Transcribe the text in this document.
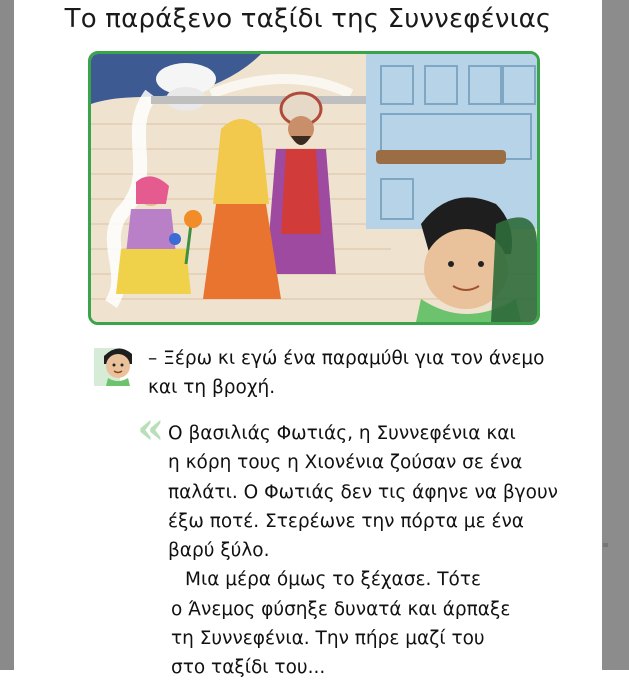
Το παράξενο ταξίδι της Συννεφένιας
– Ξέρω κι εγώ ένα παραμύθι για τον άνεμο
και τη βροχή.
« Ο βασιλιάς Φωτιάς, η Συννεφένια και
η κόρη τους η Χιονένια ζούσαν σε ένα
παλάτι. Ο Φωτιάς δεν τις άφηνε να βγουν
έξω ποτέ. Στερέωνε την πόρτα με ένα
βαρύ ξύλο.
Μια μέρα όμως το ξέχασε. Τότε
ο Άνεμος φύσηξε δυνατά και άρπαξε
τη Συννεφένια. Την πήρε μαζί του
στο ταξίδι του...
